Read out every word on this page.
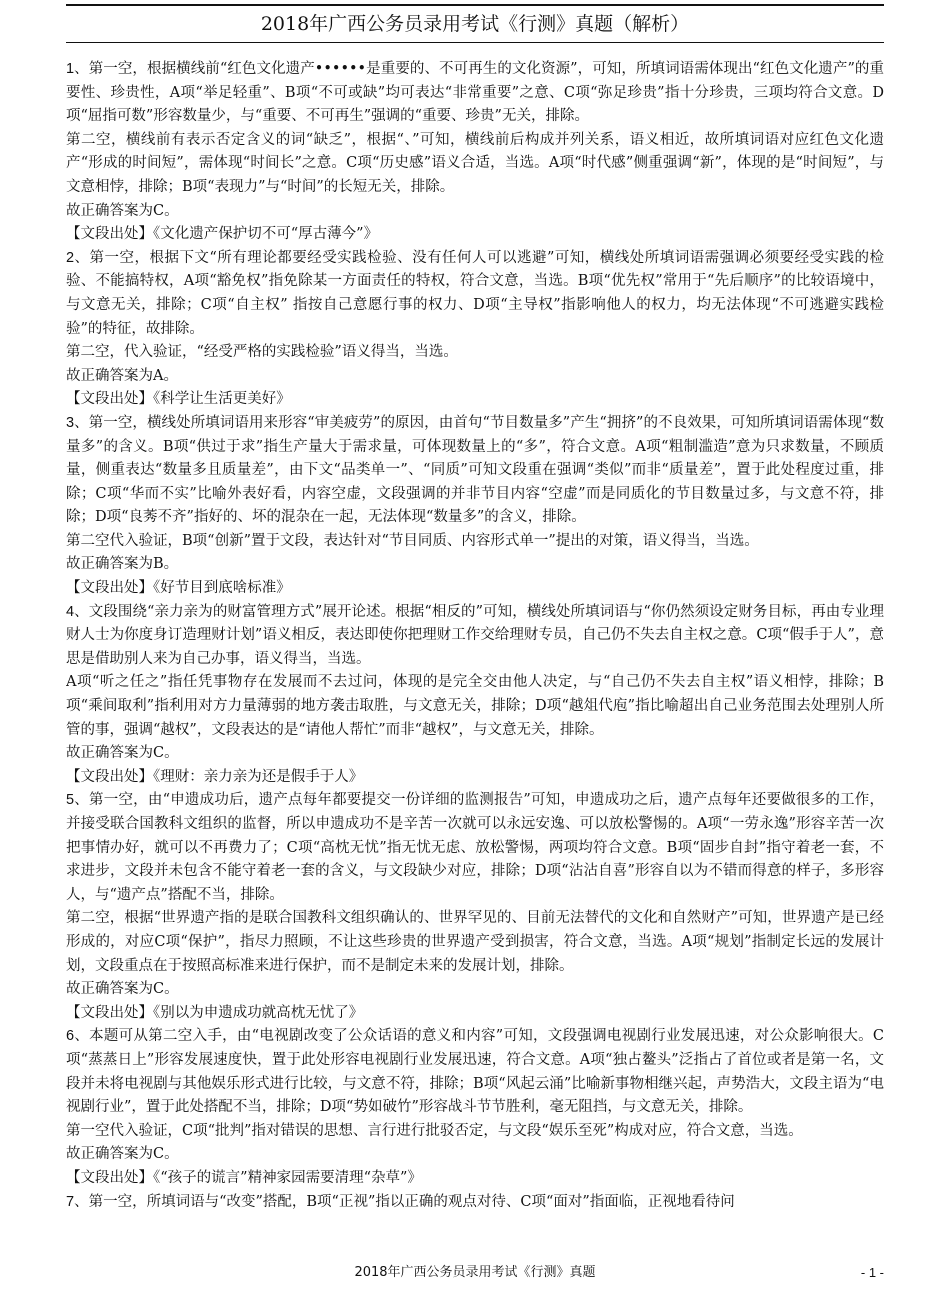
2018年广西公务员录用考试《行测》真题（解析）

1、第一空，根据横线前“红色文化遗产••••••是重要的、不可再生的文化资源”，可知，所填词语需体现出“红色文化遗产”的重要性、珍贵性，A项“举足轻重”、B项“不可或缺”均可表达“非常重要”之意、C项“弥足珍贵”指十分珍贵，三项均符合文意。D项“屈指可数”形容数量少，与“重要、不可再生”强调的“重要、珍贵”无关，排除。

第二空，横线前有表示否定含义的词“缺乏”，根据“、”可知，横线前后构成并列关系，语义相近，故所填词语对应红色文化遗产“形成的时间短”，需体现“时间长”之意。C项“历史感”语义合适，当选。A项“时代感”侧重强调“新”，体现的是“时间短”，与文意相悖，排除；B项“表现力”与“时间”的长短无关，排除。

故正确答案为C。

【文段出处】《文化遗产保护切不可“厚古薄今”》

2、第一空，根据下文“所有理论都要经受实践检验、没有任何人可以逃避”可知，横线处所填词语需强调必须要经受实践的检验、不能搞特权，A项“豁免权”指免除某一方面责任的特权，符合文意，当选。B项“优先权”常用于“先后顺序”的比较语境中，与文意无关，排除；C项“自主权” 指按自己意愿行事的权力、D项“主导权”指影响他人的权力，均无法体现“不可逃避实践检验”的特征，故排除。

第二空，代入验证，“经受严格的实践检验”语义得当，当选。

故正确答案为A。

【文段出处】《科学让生活更美好》

3、第一空，横线处所填词语用来形容“审美疲劳”的原因，由首句“节目数量多”产生“拥挤”的不良效果，可知所填词语需体现“数量多”的含义。B项“供过于求”指生产量大于需求量，可体现数量上的“多”，符合文意。A项“粗制滥造”意为只求数量，不顾质量，侧重表达“数量多且质量差”，由下文“品类单一”、“同质”可知文段重在强调“类似”而非“质量差”，置于此处程度过重，排除；C项“华而不实”比喻外表好看，内容空虚，文段强调的并非节目内容“空虚”而是同质化的节目数量过多，与文意不符，排除；D项“良莠不齐”指好的、坏的混杂在一起，无法体现“数量多”的含义，排除。

第二空代入验证，B项“创新”置于文段，表达针对“节目同质、内容形式单一”提出的对策，语义得当，当选。

故正确答案为B。

【文段出处】《好节目到底啥标准》

4、文段围绕“亲力亲为的财富管理方式”展开论述。根据“相反的”可知，横线处所填词语与“你仍然须设定财务目标，再由专业理财人士为你度身订造理财计划”语义相反，表达即使你把理财工作交给理财专员，自己仍不失去自主权之意。C项“假手于人”，意思是借助别人来为自己办事，语义得当，当选。

A项“听之任之”指任凭事物存在发展而不去过问，体现的是完全交由他人决定，与“自己仍不失去自主权”语义相悖，排除；B项“乘间取利”指利用对方力量薄弱的地方袭击取胜，与文意无关，排除；D项“越俎代庖”指比喻超出自己业务范围去处理别人所管的事，强调“越权”，文段表达的是“请他人帮忙”而非“越权”，与文意无关，排除。

故正确答案为C。

【文段出处】《理财：亲力亲为还是假手于人》

5、第一空，由“申遗成功后，遗产点每年都要提交一份详细的监测报告”可知，申遗成功之后，遗产点每年还要做很多的工作，并接受联合国教科文组织的监督，所以申遗成功不是辛苦一次就可以永远安逸、可以放松警惕的。A项“一劳永逸”形容辛苦一次把事情办好，就可以不再费力了；C项“高枕无忧”指无忧无虑、放松警惕，两项均符合文意。B项“固步自封”指守着老一套，不求进步，文段并未包含不能守着老一套的含义，与文段缺少对应，排除；D项“沾沾自喜”形容自以为不错而得意的样子，多形容人，与“遗产点”搭配不当，排除。

第二空，根据“世界遗产指的是联合国教科文组织确认的、世界罕见的、目前无法替代的文化和自然财产”可知，世界遗产是已经形成的，对应C项“保护”，指尽力照顾，不让这些珍贵的世界遗产受到损害，符合文意，当选。A项“规划”指制定长远的发展计划，文段重点在于按照高标准来进行保护，而不是制定未来的发展计划，排除。

故正确答案为C。

【文段出处】《别以为申遗成功就高枕无忧了》

6、本题可从第二空入手，由“电视剧改变了公众话语的意义和内容”可知，文段强调电视剧行业发展迅速，对公众影响很大。C项“蒸蒸日上”形容发展速度快，置于此处形容电视剧行业发展迅速，符合文意。A项“独占鳌头”泛指占了首位或者是第一名，文段并未将电视剧与其他娱乐形式进行比较，与文意不符，排除；B项“风起云涌”比喻新事物相继兴起，声势浩大，文段主语为“电视剧行业”，置于此处搭配不当，排除；D项“势如破竹”形容战斗节节胜利，毫无阻挡，与文意无关，排除。

第一空代入验证，C项“批判”指对错误的思想、言行进行批驳否定，与文段“娱乐至死”构成对应，符合文意，当选。

故正确答案为C。

【文段出处】《“孩子的谎言”精神家园需要清理“杂草”》

7、第一空，所填词语与“改变”搭配，B项“正视”指以正确的观点对待、C项“面对”指面临，正视地看待问

2018年广西公务员录用考试《行测》真题	- 1 -
